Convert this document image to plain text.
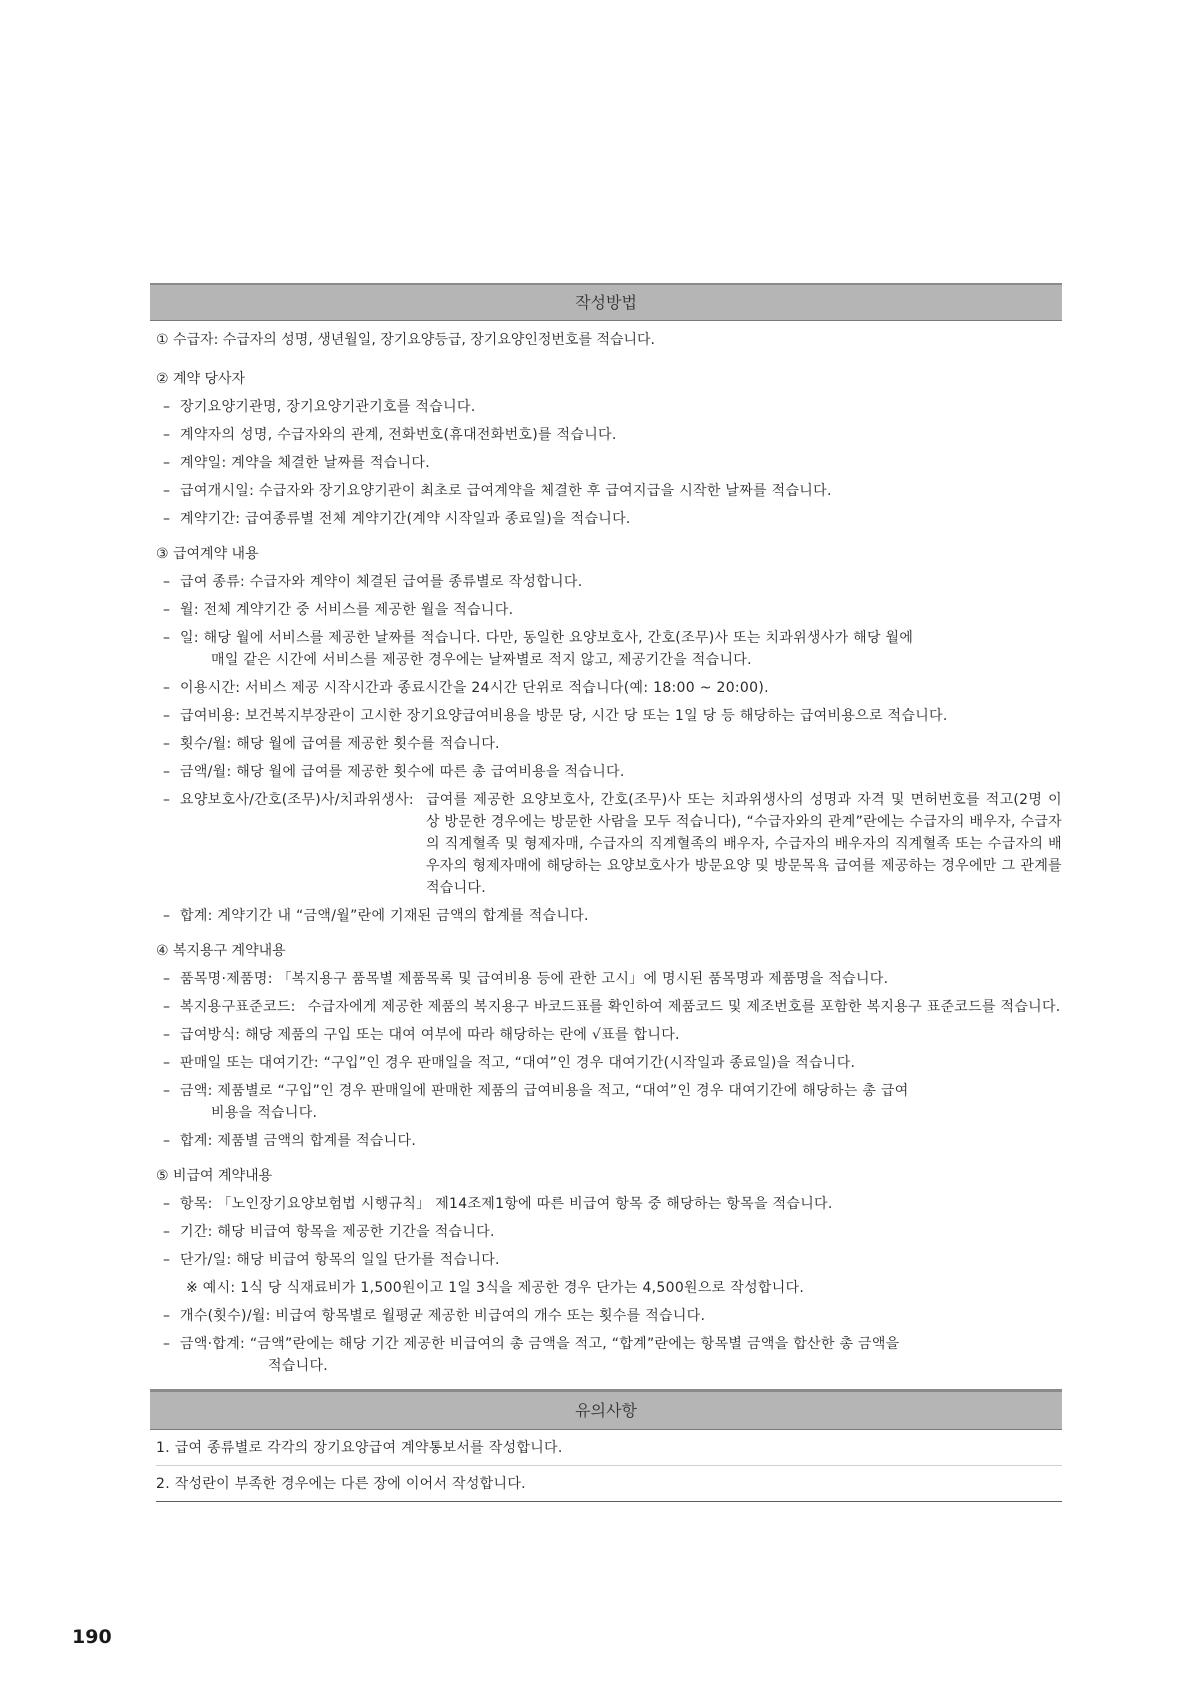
작성방법

① 수급자: 수급자의 성명, 생년월일, 장기요양등급, 장기요양인정번호를 적습니다.

② 계약 당사자

– 장기요양기관명, 장기요양기관기호를 적습니다.
– 계약자의 성명, 수급자와의 관계, 전화번호(휴대전화번호)를 적습니다.
– 계약일: 계약을 체결한 날짜를 적습니다.
– 급여개시일: 수급자와 장기요양기관이 최초로 급여계약을 체결한 후 급여지급을 시작한 날짜를 적습니다.
– 계약기간: 급여종류별 전체 계약기간(계약 시작일과 종료일)을 적습니다.

③ 급여계약 내용

– 급여 종류: 수급자와 계약이 체결된 급여를 종류별로 작성합니다.
– 월: 전체 계약기간 중 서비스를 제공한 월을 적습니다.
– 일: 해당 월에 서비스를 제공한 날짜를 적습니다. 다만, 동일한 요양보호사, 간호(조무)사 또는 치과위생사가 해당 월에
매일 같은 시간에 서비스를 제공한 경우에는 날짜별로 적지 않고, 제공기간을 적습니다.
– 이용시간: 서비스 제공 시작시간과 종료시간을 24시간 단위로 적습니다(예: 18:00 ~ 20:00).
– 급여비용: 보건복지부장관이 고시한 장기요양급여비용을 방문 당, 시간 당 또는 1일 당 등 해당하는 급여비용으로 적습니다.
– 횟수/월: 해당 월에 급여를 제공한 횟수를 적습니다.
– 금액/월: 해당 월에 급여를 제공한 횟수에 따른 총 급여비용을 적습니다.
– 요양보호사/간호(조무)사/치과위생사: 급여를 제공한 요양보호사, 간호(조무)사 또는 치과위생사의 성명과 자격 및 면허번호를 적고(2명 이상 방문한 경우에는 방문한 사람을 모두 적습니다), “수급자와의 관계”란에는 수급자의 배우자, 수급자의 직계혈족 및 형제자매, 수급자의 직계혈족의 배우자, 수급자의 배우자의 직계혈족 또는 수급자의 배우자의 형제자매에 해당하는 요양보호사가 방문요양 및 방문목욕 급여를 제공하는 경우에만 그 관계를 적습니다.
– 합계: 계약기간 내 “금액/월”란에 기재된 금액의 합계를 적습니다.

④ 복지용구 계약내용

– 품목명·제품명: 「복지용구 품목별 제품목록 및 급여비용 등에 관한 고시」에 명시된 품목명과 제품명을 적습니다.
– 복지용구표준코드: 수급자에게 제공한 제품의 복지용구 바코드표를 확인하여 제품코드 및 제조번호를 포함한 복지용구 표준코드를 적습니다.
– 급여방식: 해당 제품의 구입 또는 대여 여부에 따라 해당하는 란에 √표를 합니다.
– 판매일 또는 대여기간: “구입”인 경우 판매일을 적고, “대여”인 경우 대여기간(시작일과 종료일)을 적습니다.
– 금액: 제품별로 “구입”인 경우 판매일에 판매한 제품의 급여비용을 적고, “대여”인 경우 대여기간에 해당하는 총 급여
비용을 적습니다.
– 합계: 제품별 금액의 합계를 적습니다.

⑤ 비급여 계약내용

– 항목: 「노인장기요양보험법 시행규칙」 제14조제1항에 따른 비급여 항목 중 해당하는 항목을 적습니다.
– 기간: 해당 비급여 항목을 제공한 기간을 적습니다.
– 단가/일: 해당 비급여 항목의 일일 단가를 적습니다.
※ 예시: 1식 당 식재료비가 1,500원이고 1일 3식을 제공한 경우 단가는 4,500원으로 작성합니다.
– 개수(횟수)/월: 비급여 항목별로 월평균 제공한 비급여의 개수 또는 횟수를 적습니다.
– 금액·합계: “금액”란에는 해당 기간 제공한 비급여의 총 금액을 적고, “합계”란에는 항목별 금액을 합산한 총 금액을
적습니다.
유의사항
1. 급여 종류별로 각각의 장기요양급여 계약통보서를 작성합니다.
2. 작성란이 부족한 경우에는 다른 장에 이어서 작성합니다.
190
